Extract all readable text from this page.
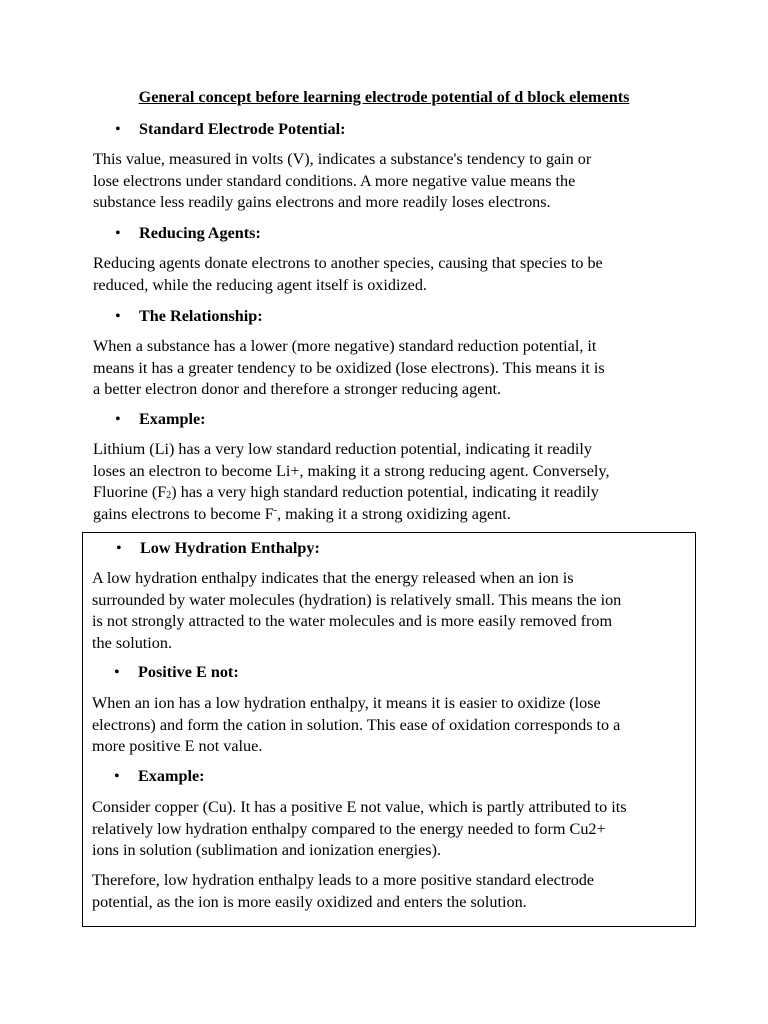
General concept before learning electrode potential of d block elements
• Standard Electrode Potential:
This value, measured in volts (V), indicates a substance's tendency to gain or
lose electrons under standard conditions. A more negative value means the
substance less readily gains electrons and more readily loses electrons.
• Reducing Agents:
Reducing agents donate electrons to another species, causing that species to be
reduced, while the reducing agent itself is oxidized.
• The Relationship:
When a substance has a lower (more negative) standard reduction potential, it
means it has a greater tendency to be oxidized (lose electrons). This means it is
a better electron donor and therefore a stronger reducing agent.
• Example:
Lithium (Li) has a very low standard reduction potential, indicating it readily
loses an electron to become Li+, making it a strong reducing agent. Conversely,
Fluorine $(F_2)$ has a very high standard reduction potential, indicating it readily
gains electrons to become F-, making it a strong oxidizing agent.
• Low Hydration Enthalpy:
A low hydration enthalpy indicates that the energy released when an ion is
surrounded by water molecules (hydration) is relatively small. This means the ion
is not strongly attracted to the water molecules and is more easily removed from
the solution.
• Positive E not:
When an ion has a low hydration enthalpy, it means it is easier to oxidize (lose
electrons) and form the cation in solution. This ease of oxidation corresponds to a
more positive E not value.
• Example:
Consider copper (Cu). It has a positive E not value, which is partly attributed to its
relatively low hydration enthalpy compared to the energy needed to form Cu2+
ions in solution (sublimation and ionization energies).
Therefore, low hydration enthalpy leads to a more positive standard electrode
potential, as the ion is more easily oxidized and enters the solution.
